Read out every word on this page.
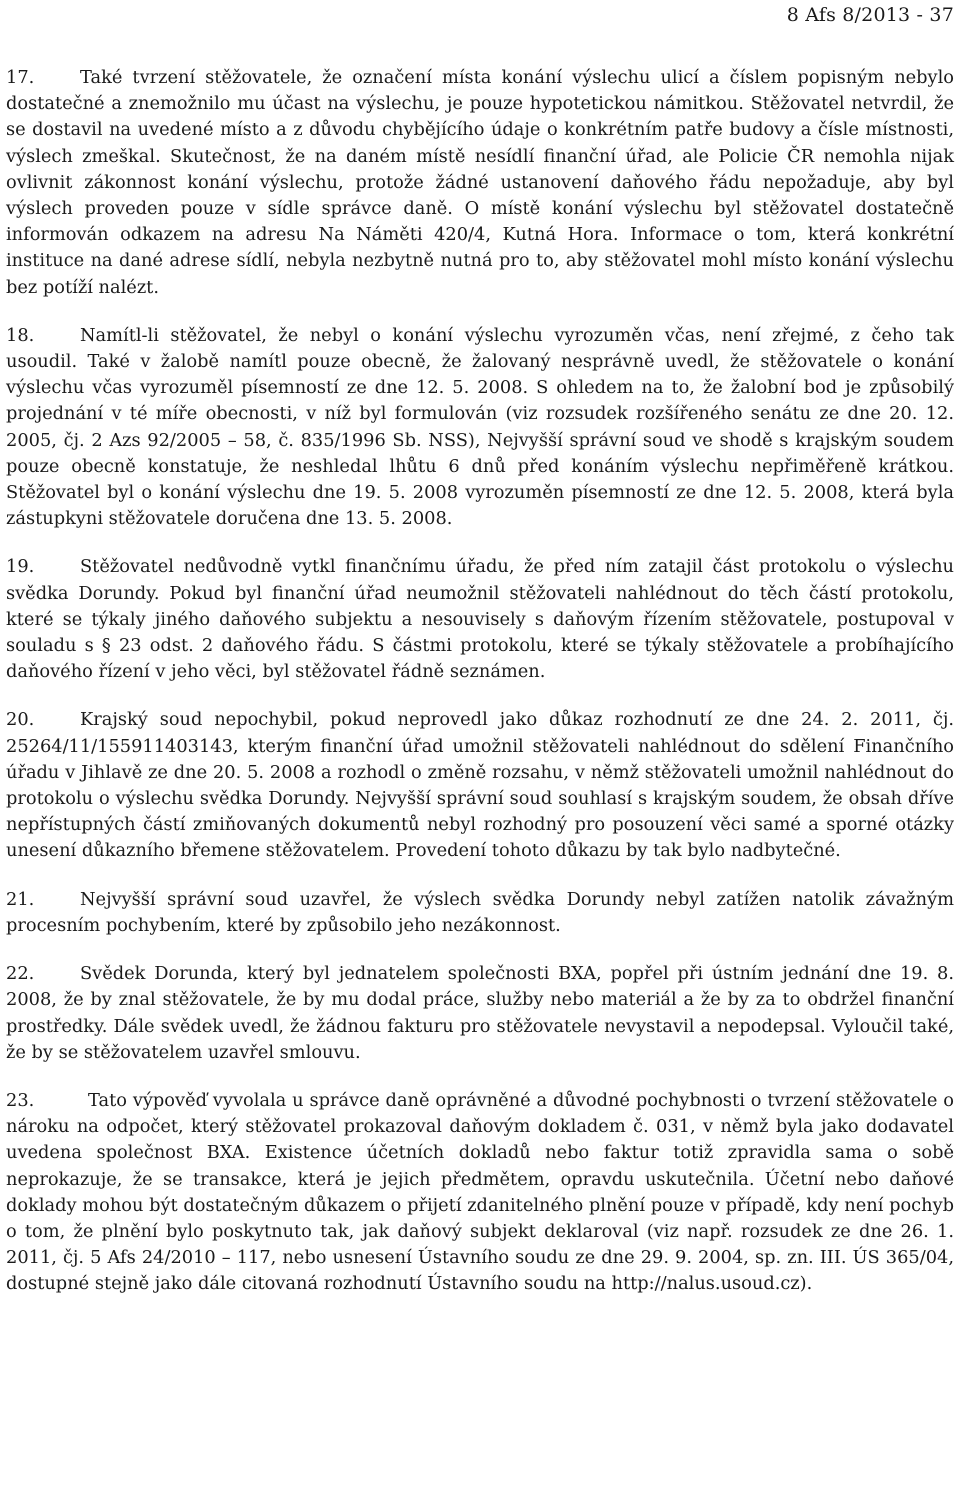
8 Afs 8/2013 - 37

17.	Také tvrzení stěžovatele, že označení místa konání výslechu ulicí a číslem popisným nebylo dostatečné a znemožnilo mu účast na výslechu, je pouze hypotetickou námitkou. Stěžovatel netvrdil, že se dostavil na uvedené místo a z důvodu chybějícího údaje o konkrétním patře budovy a čísle místnosti, výslech zmeškal. Skutečnost, že na daném místě nesídlí finanční úřad, ale Policie ČR nemohla nijak ovlivnit zákonnost konání výslechu, protože žádné ustanovení daňového řádu nepožaduje, aby byl výslech proveden pouze v sídle správce daně. O místě konání výslechu byl stěžovatel dostatečně informován odkazem na adresu Na Náměti 420/4, Kutná Hora. Informace o tom, která konkrétní instituce na dané adrese sídlí, nebyla nezbytně nutná pro to, aby stěžovatel mohl místo konání výslechu bez potíží nalézt.

18.	Namítl-li stěžovatel, že nebyl o konání výslechu vyrozuměn včas, není zřejmé, z čeho tak usoudil. Také v žalobě namítl pouze obecně, že žalovaný nesprávně uvedl, že stěžovatele o konání výslechu včas vyrozuměl písemností ze dne 12. 5. 2008. S ohledem na to, že žalobní bod je způsobilý projednání v té míře obecnosti, v níž byl formulován (viz rozsudek rozšířeného senátu ze dne 20. 12. 2005, čj. 2 Azs 92/2005 – 58, č. 835/1996 Sb. NSS), Nejvyšší správní soud ve shodě s krajským soudem pouze obecně konstatuje, že neshledal lhůtu 6 dnů před konáním výslechu nepřiměřeně krátkou. Stěžovatel byl o konání výslechu dne 19. 5. 2008 vyrozuměn písemností ze dne 12. 5. 2008, která byla zástupkyni stěžovatele doručena dne 13. 5. 2008.

19.	Stěžovatel nedůvodně vytkl finančnímu úřadu, že před ním zatajil část protokolu o výslechu svědka Dorundy. Pokud byl finanční úřad neumožnil stěžovateli nahlédnout do těch částí protokolu, které se týkaly jiného daňového subjektu a nesouvisely s daňovým řízením stěžovatele, postupoval v souladu s § 23 odst. 2 daňového řádu. S částmi protokolu, které se týkaly stěžovatele a probíhajícího daňového řízení v jeho věci, byl stěžovatel řádně seznámen.

20.	Krajský soud nepochybil, pokud neprovedl jako důkaz rozhodnutí ze dne 24. 2. 2011, čj. 25264/11/155911403143, kterým finanční úřad umožnil stěžovateli nahlédnout do sdělení Finančního úřadu v Jihlavě ze dne 20. 5. 2008 a rozhodl o změně rozsahu, v němž stěžovateli umožnil nahlédnout do protokolu o výslechu svědka Dorundy. Nejvyšší správní soud souhlasí s krajským soudem, že obsah dříve nepřístupných částí zmiňovaných dokumentů nebyl rozhodný pro posouzení věci samé a sporné otázky unesení důkazního břemene stěžovatelem. Provedení tohoto důkazu by tak bylo nadbytečné.

21.	Nejvyšší správní soud uzavřel, že výslech svědka Dorundy nebyl zatížen natolik závažným procesním pochybením, které by způsobilo jeho nezákonnost.

22.	Svědek Dorunda, který byl jednatelem společnosti BXA, popřel při ústním jednání dne 19. 8. 2008, že by znal stěžovatele, že by mu dodal práce, služby nebo materiál a že by za to obdržel finanční prostředky. Dále svědek uvedl, že žádnou fakturu pro stěžovatele nevystavil a nepodepsal. Vyloučil také, že by se stěžovatelem uzavřel smlouvu.

23.	Tato výpověď vyvolala u správce daně oprávněné a důvodné pochybnosti o tvrzení stěžovatele o nároku na odpočet, který stěžovatel prokazoval daňovým dokladem č. 031, v němž byla jako dodavatel uvedena společnost BXA. Existence účetních dokladů nebo faktur totiž zpravidla sama o sobě neprokazuje, že se transakce, která je jejich předmětem, opravdu uskutečnila. Účetní nebo daňové doklady mohou být dostatečným důkazem o přijetí zdanitelného plnění pouze v případě, kdy není pochyb o tom, že plnění bylo poskytnuto tak, jak daňový subjekt deklaroval (viz např. rozsudek ze dne 26. 1. 2011, čj. 5 Afs 24/2010 – 117, nebo usnesení Ústavního soudu ze dne 29. 9. 2004, sp. zn. III. ÚS 365/04, dostupné stejně jako dále citovaná rozhodnutí Ústavního soudu na http://nalus.usoud.cz).
